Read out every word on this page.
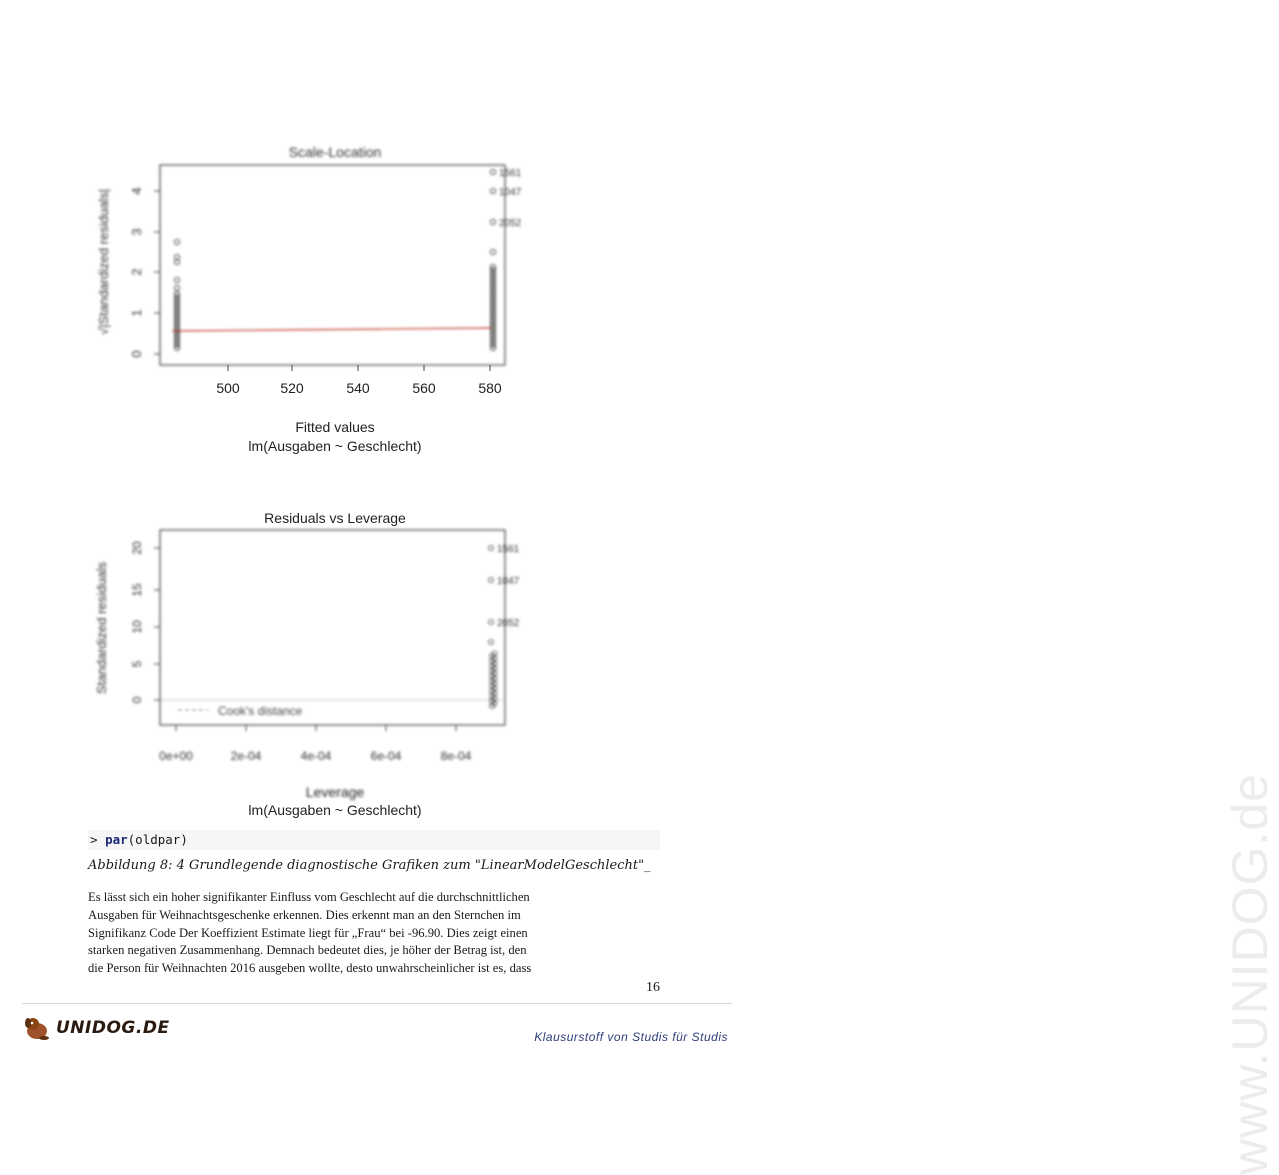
www.UNIDOG.de
Scale-Location
√|Standardized residuals|
0
1
2
3
4
1561
1047
2052
500	520	540	560	580
Fitted values
lm(Ausgaben ~ Geschlecht)
Residuals vs Leverage
Standardized residuals
0
5
10
15
20
Cook's distance
1561
1047
2052
0e+00	2e-04	4e-04	6e-04	8e-04
Leverage
lm(Ausgaben ~ Geschlecht)
> par(oldpar)
Abbildung 8: 4 Grundlegende diagnostische Grafiken zum "LinearModelGeschlecht"_
Es lässt sich ein hoher signifikanter Einfluss vom Geschlecht auf die durchschnittlichen
Ausgaben für Weihnachtsgeschenke erkennen. Dies erkennt man an den Sternchen im
Signifikanz Code Der Koeffizient Estimate liegt für „Frau“ bei -96.90. Dies zeigt einen
starken negativen Zusammenhang. Demnach bedeutet dies, je höher der Betrag ist, den
die Person für Weihnachten 2016 ausgeben wollte, desto unwahrscheinlicher ist es, dass
16
UNIDOG.DE	Klausurstoff von Studis für Studis
